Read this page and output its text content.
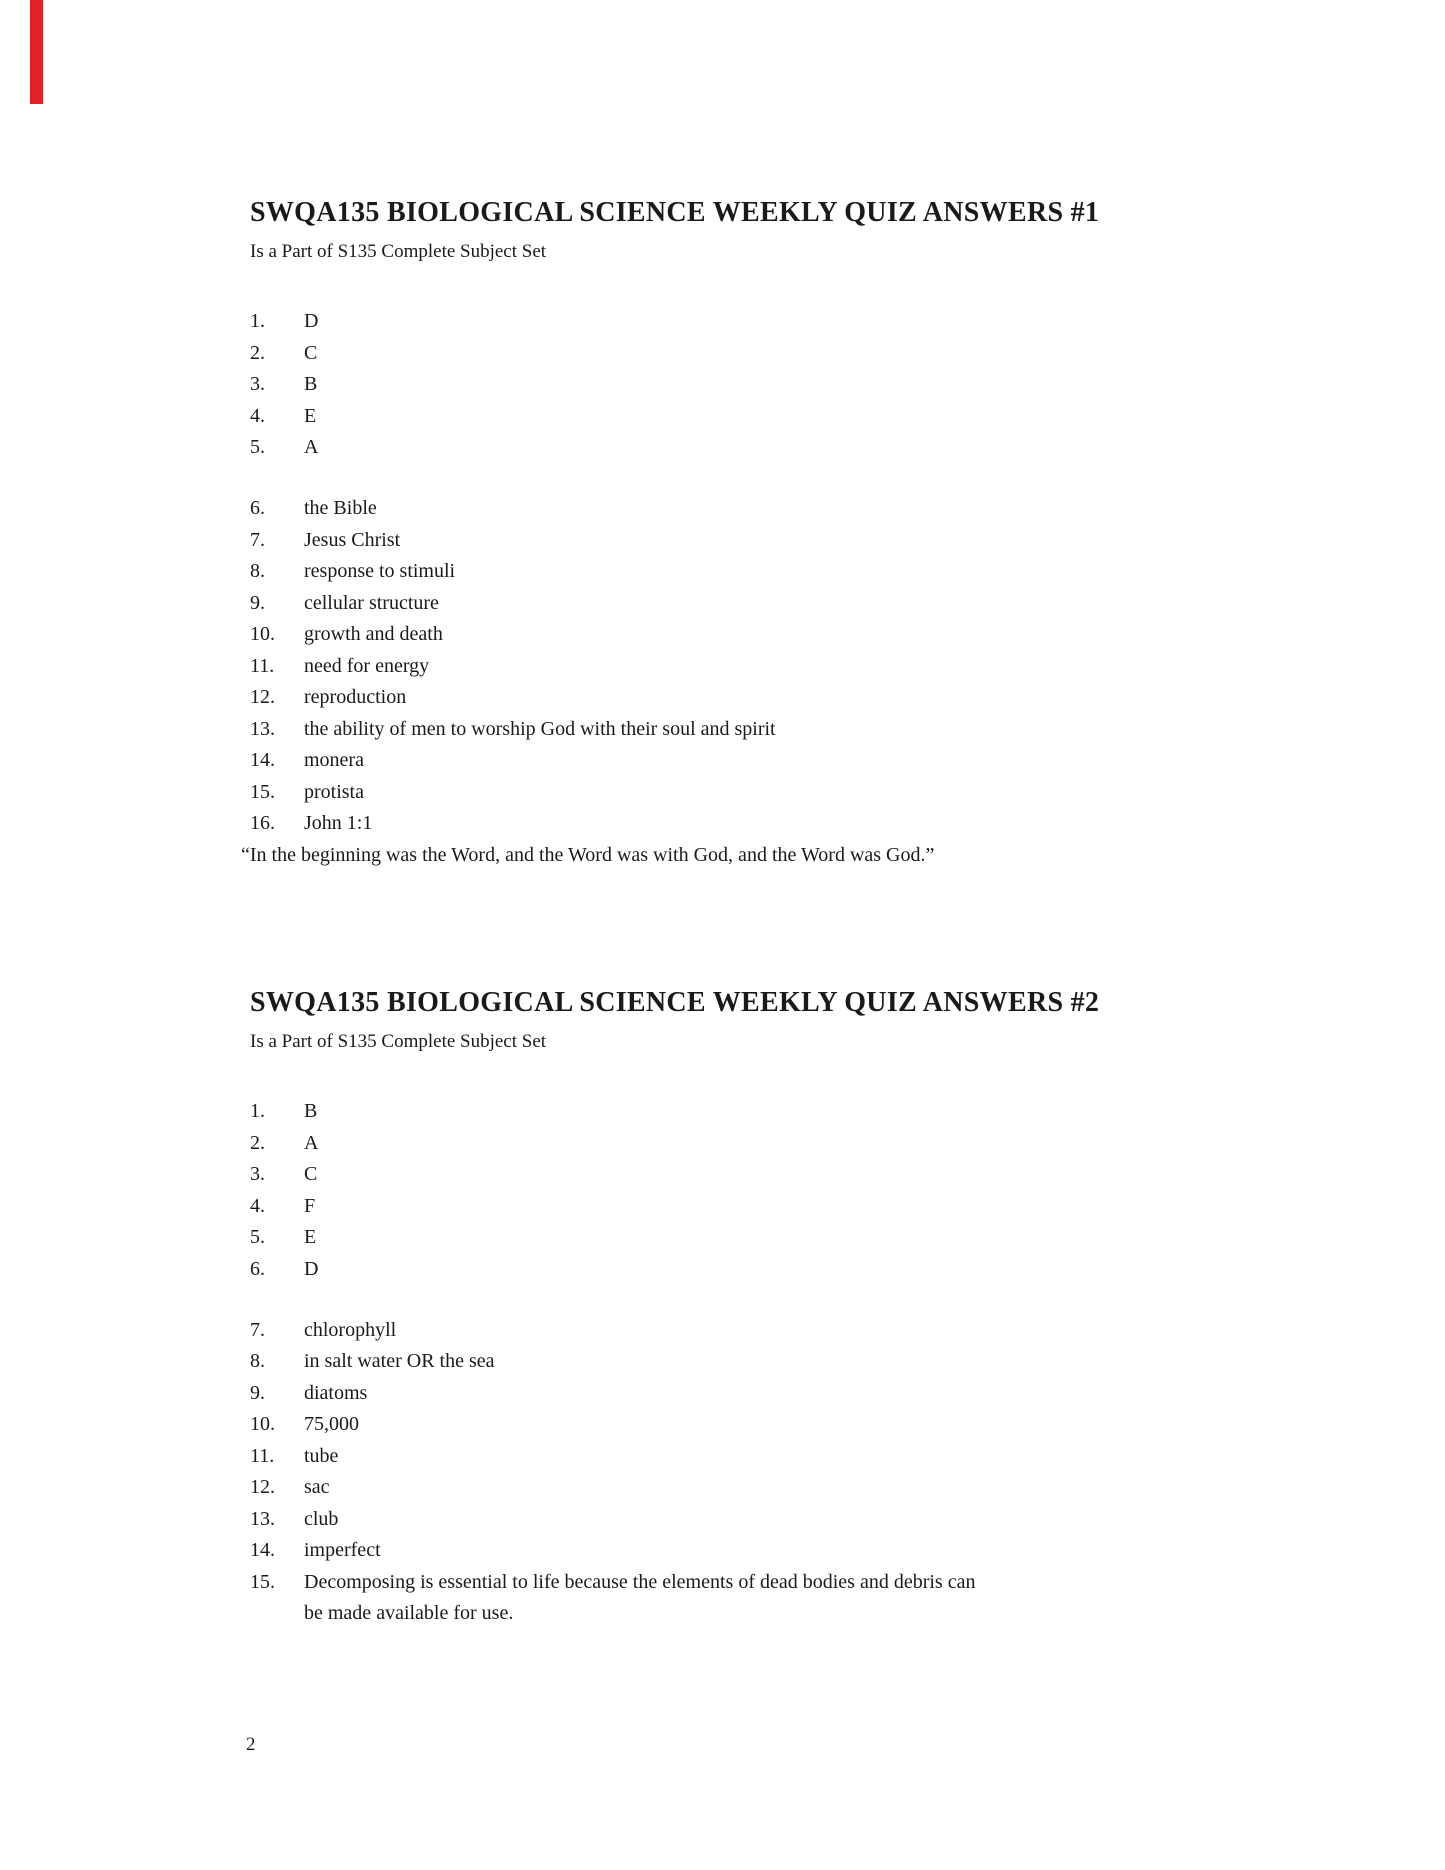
SWQA135 BIOLOGICAL SCIENCE WEEKLY QUIZ ANSWERS #1

Is a Part of S135 Complete Subject Set

1.	D
2.	C
3.	B
4.	E
5.	A
6.	the Bible
7.	Jesus Christ
8.	response to stimuli
9.	cellular structure
10.	growth and death
11.	need for energy
12.	reproduction
13.	the ability of men to worship God with their soul and spirit
14.	monera
15.	protista
16.	John 1:1

“In the beginning was the Word, and the Word was with God, and the Word was God.”

SWQA135 BIOLOGICAL SCIENCE WEEKLY QUIZ ANSWERS #2

Is a Part of S135 Complete Subject Set

1.	B
2.	A
3.	C
4.	F
5.	E
6.	D
7.	chlorophyll
8.	in salt water OR the sea
9.	diatoms
10.	75,000
11.	tube
12.	sac
13.	club
14.	imperfect
15.	Decomposing is essential to life because the elements of dead bodies and debris can
be made available for use.

2
